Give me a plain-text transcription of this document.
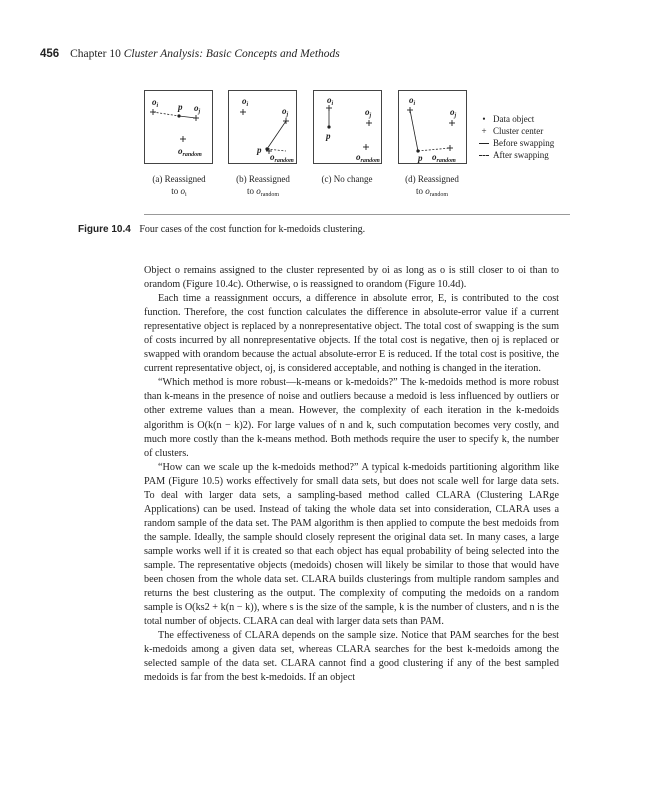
456 Chapter 10 Cluster Analysis: Basic Concepts and Methods
$o_i$ p $o_j$
$o_{random}$
$o_i$
$o_j$
p
$o_{random}$
$o_i$
$o_j$
p
$o_{random}$
$o_i$
$o_j$
p $o_{random}$
(a) Reassigned
to $o_i$
(b) Reassigned
to $o_{random}$
(c) No change	(d) Reassigned
to $o_{random}$
• Data object
+ Cluster center
Before swapping
After swapping
Figure 10.4 Four cases of the cost function for k-medoids clustering.

Object o remains assigned to the cluster represented by oi as long as o is still closer to oi than to orandom (Figure 10.4c). Otherwise, o is reassigned to orandom (Figure 10.4d).

Each time a reassignment occurs, a difference in absolute error, E, is contributed to the cost function. Therefore, the cost function calculates the difference in absolute-error value if a current representative object is replaced by a nonrepresentative object. The total cost of swapping is the sum of costs incurred by all nonrepresentative objects. If the total cost is negative, then oj is replaced or swapped with orandom because the actual absolute-error E is reduced. If the total cost is positive, the current representative object, oj, is considered acceptable, and nothing is changed in the iteration.

“Which method is more robust—k-means or k-medoids?” The k-medoids method is more robust than k-means in the presence of noise and outliers because a medoid is less influenced by outliers or other extreme values than a mean. However, the complexity of each iteration in the k-medoids algorithm is O(k(n − k)2). For large values of n and k, such computation becomes very costly, and much more costly than the k-means method. Both methods require the user to specify k, the number of clusters.

“How can we scale up the k-medoids method?” A typical k-medoids partitioning algorithm like PAM (Figure 10.5) works effectively for small data sets, but does not scale well for large data sets. To deal with larger data sets, a sampling-based method called CLARA (Clustering LARge Applications) can be used. Instead of taking the whole data set into consideration, CLARA uses a random sample of the data set. The PAM algorithm is then applied to compute the best medoids from the sample. Ideally, the sample should closely represent the original data set. In many cases, a large sample works well if it is created so that each object has equal probability of being selected into the sample. The representative objects (medoids) chosen will likely be similar to those that would have been chosen from the whole data set. CLARA builds clusterings from multiple random samples and returns the best clustering as the output. The complexity of computing the medoids on a random sample is O(ks2 + k(n − k)), where s is the size of the sample, k is the number of clusters, and n is the total number of objects. CLARA can deal with larger data sets than PAM.

The effectiveness of CLARA depends on the sample size. Notice that PAM searches for the best k-medoids among a given data set, whereas CLARA searches for the best k-medoids among the selected sample of the data set. CLARA cannot find a good clustering if any of the best sampled medoids is far from the best k-medoids. If an object
